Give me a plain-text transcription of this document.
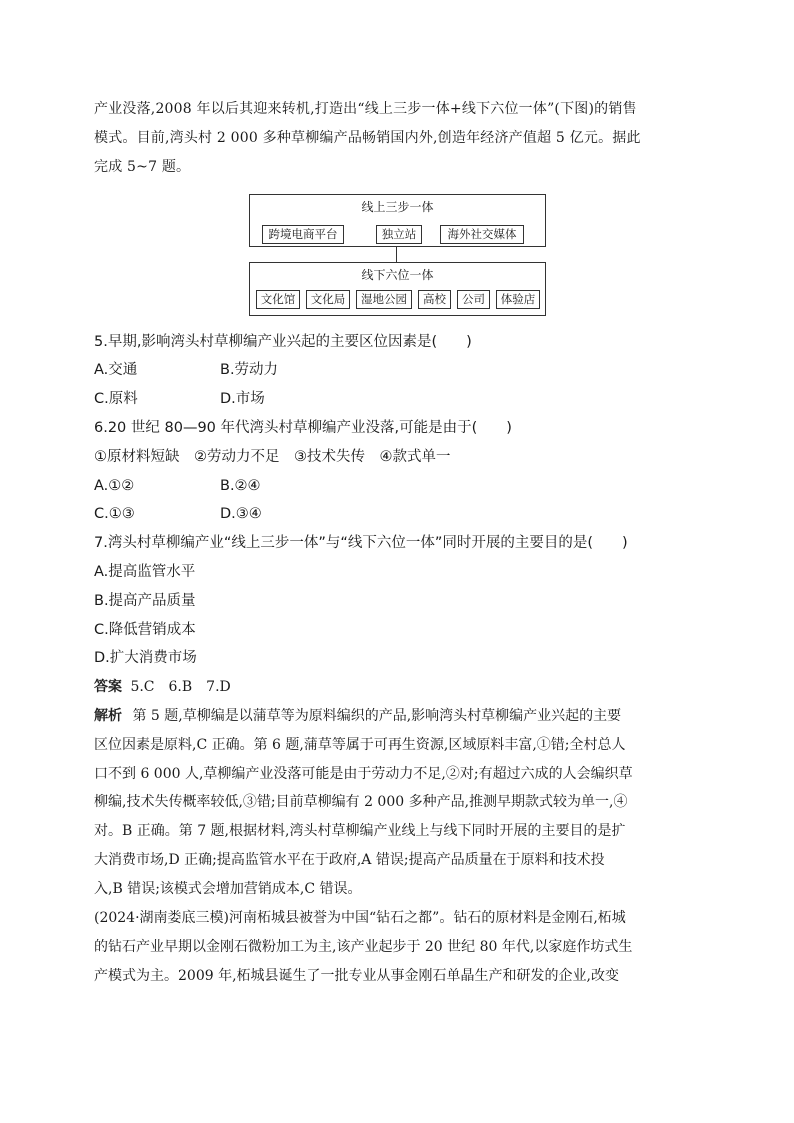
产业没落,2008 年以后其迎来转机,打造出“线上三步一体+线下六位一体”(下图)的销售
模式。目前,湾头村 2 000 多种草柳编产品畅销国内外,创造年经济产值超 5 亿元。据此
完成 5~7 题。
线上三步一体
跨境电商平台	独立站	海外社交媒体
线下六位一体
文化馆	文化局	湿地公园	高校	公司	体验店
5.早期,影响湾头村草柳编产业兴起的主要区位因素是(　　)
A.交通	B.劳动力
C.原料	D.市场
6.20 世纪 80—90 年代湾头村草柳编产业没落,可能是由于(　　)
①原材料短缺　②劳动力不足　③技术失传　④款式单一
A.①②	B.②④
C.①③	D.③④
7.湾头村草柳编产业“线上三步一体”与“线下六位一体”同时开展的主要目的是(　　)
A.提高监管水平
B.提高产品质量
C.降低营销成本
D.扩大消费市场
答案 5.C　6.B　7.D
解析 第 5 题,草柳编是以蒲草等为原料编织的产品,影响湾头村草柳编产业兴起的主要
区位因素是原料,C 正确。第 6 题,蒲草等属于可再生资源,区域原料丰富,①错;全村总人
口不到 6 000 人,草柳编产业没落可能是由于劳动力不足,②对;有超过六成的人会编织草
柳编,技术失传概率较低,③错;目前草柳编有 2 000 多种产品,推测早期款式较为单一,④
对。B 正确。第 7 题,根据材料,湾头村草柳编产业线上与线下同时开展的主要目的是扩
大消费市场,D 正确;提高监管水平在于政府,A 错误;提高产品质量在于原料和技术投
入,B 错误;该模式会增加营销成本,C 错误。
(2024·湖南娄底三模)河南柘城县被誉为中国“钻石之都”。钻石的原材料是金刚石,柘城
的钻石产业早期以金刚石微粉加工为主,该产业起步于 20 世纪 80 年代,以家庭作坊式生
产模式为主。2009 年,柘城县诞生了一批专业从事金刚石单晶生产和研发的企业,改变
